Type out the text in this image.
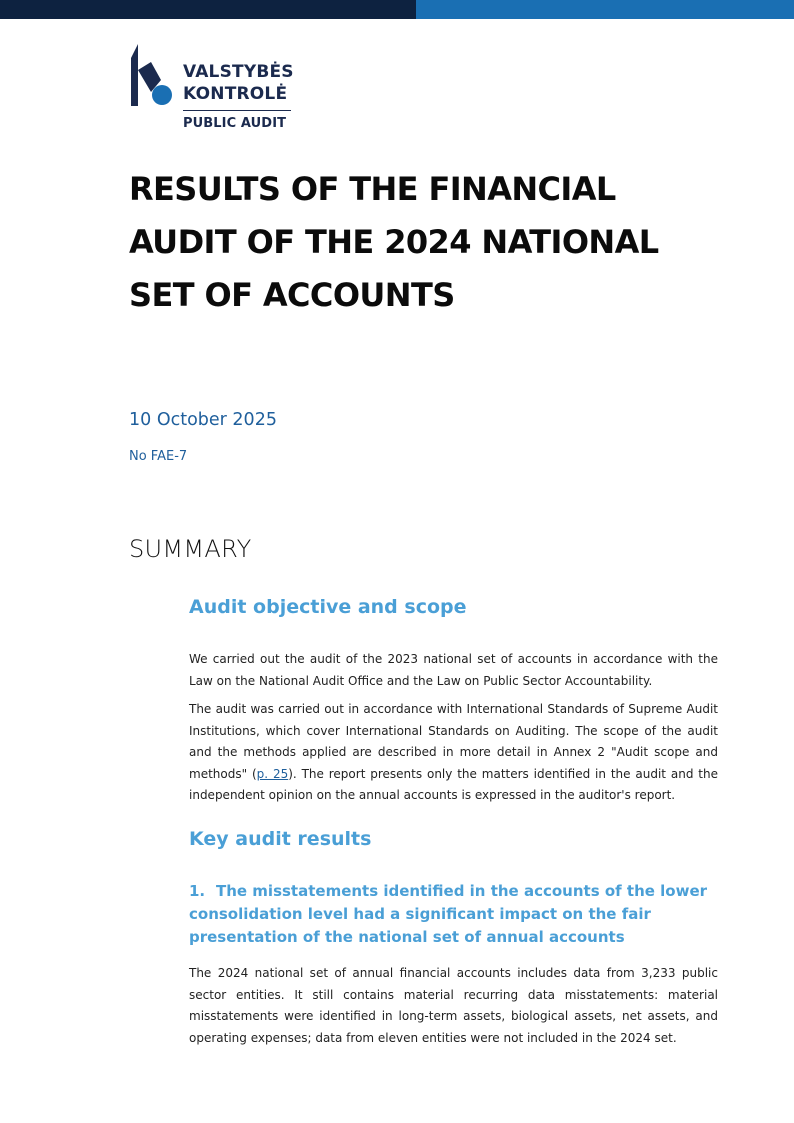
VALSTYBĖS
KONTROLĖ
PUBLIC AUDIT
RESULTS OF THE FINANCIAL AUDIT OF THE 2024 NATIONAL SET OF ACCOUNTS
10 October 2025
No FAE-7
SUMMARY
Audit objective and scope

We carried out the audit of the 2023 national set of accounts in accordance with the Law on the National Audit Office and the Law on Public Sector Accountability.

The audit was carried out in accordance with International Standards of Supreme Audit Institutions, which cover International Standards on Auditing. The scope of the audit and the methods applied are described in more detail in Annex 2 "Audit scope and methods" (p. 25). The report presents only the matters identified in the audit and the independent opinion on the annual accounts is expressed in the auditor's report.

Key audit results
1. The misstatements identified in the accounts of the lower consolidation level had a significant impact on the fair presentation of the national set of annual accounts

The 2024 national set of annual financial accounts includes data from 3,233 public sector entities. It still contains material recurring data misstatements: material misstatements were identified in long-term assets, biological assets, net assets, and operating expenses; data from eleven entities were not included in the 2024 set.
